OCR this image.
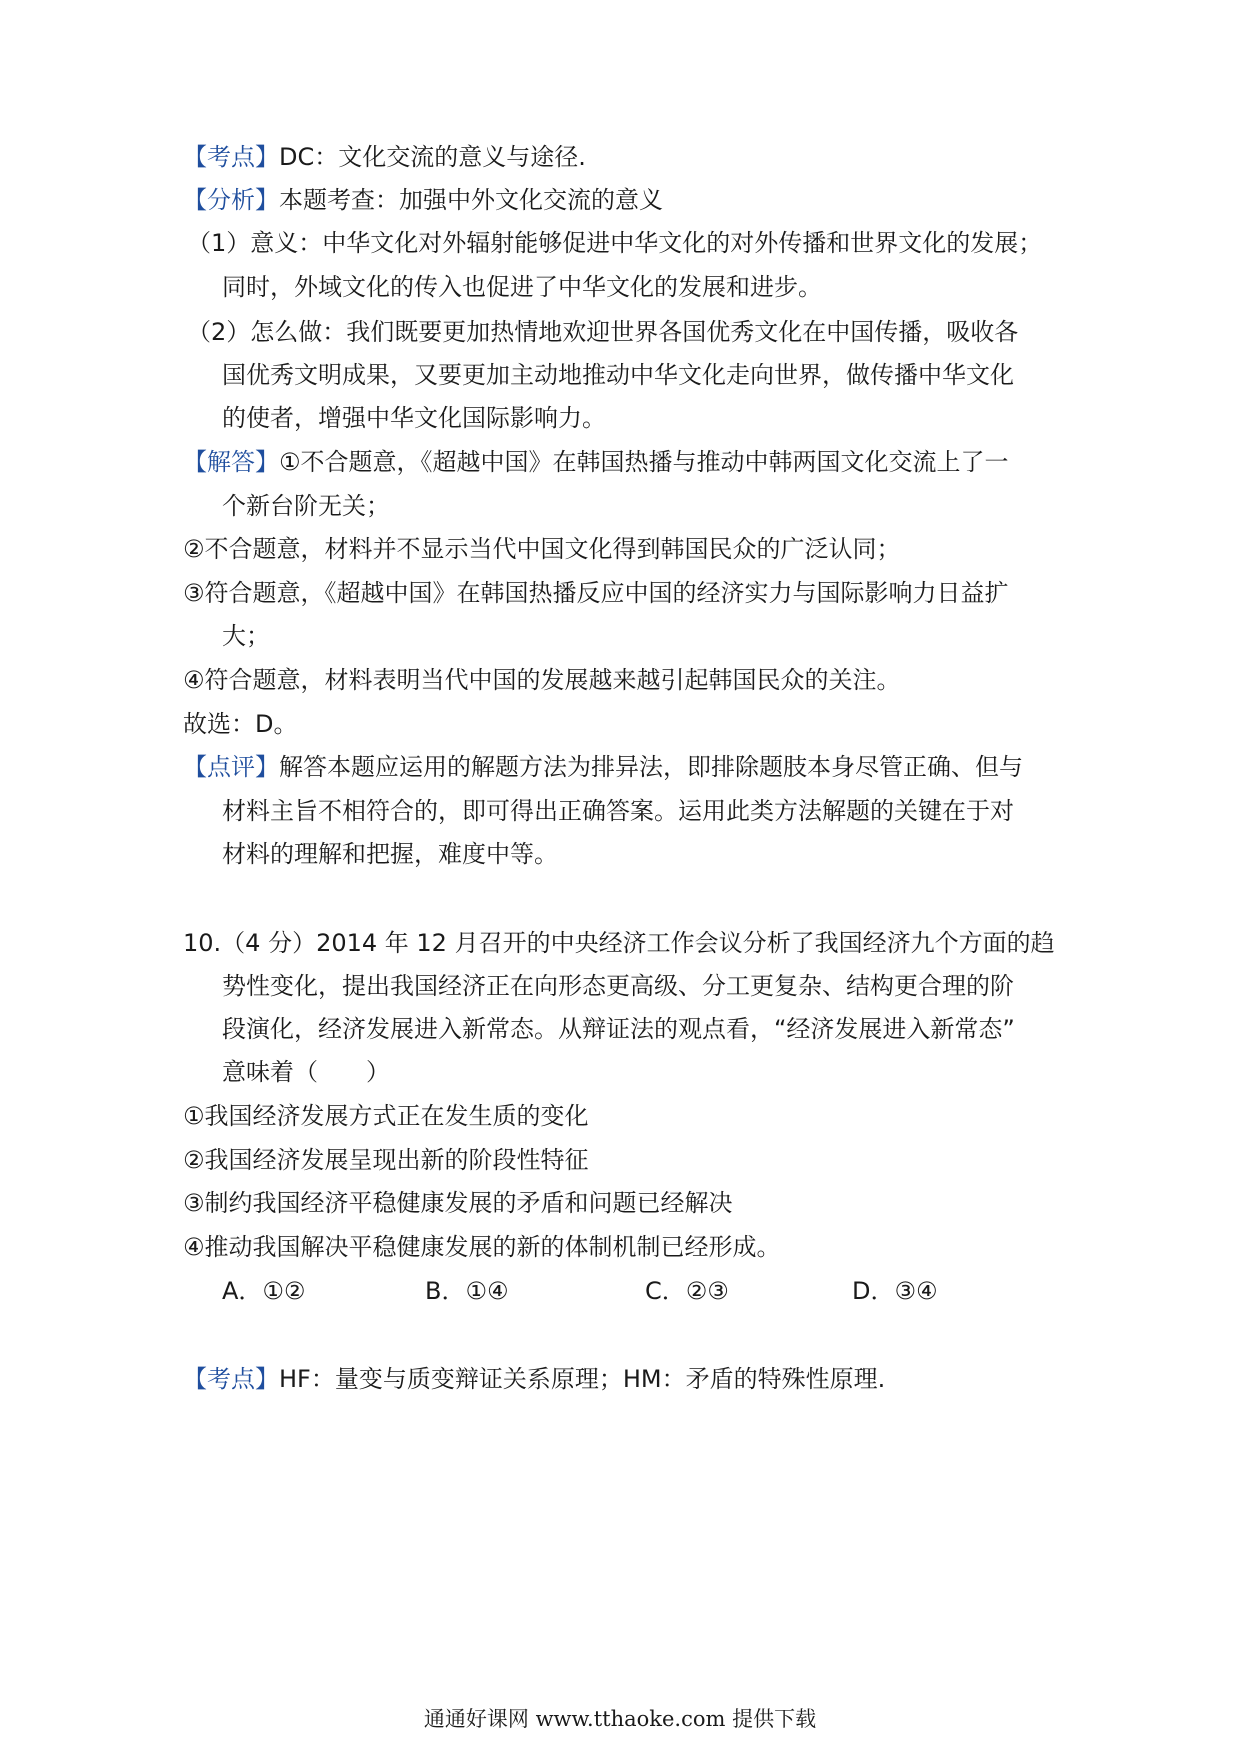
【考点】DC：文化交流的意义与途径.
【分析】本题考查：加强中外文化交流的意义
（1）意义：中华文化对外辐射能够促进中华文化的对外传播和世界文化的发展；
同时，外域文化的传入也促进了中华文化的发展和进步。
（2）怎么做：我们既要更加热情地欢迎世界各国优秀文化在中国传播，吸收各
国优秀文明成果，又要更加主动地推动中华文化走向世界，做传播中华文化
的使者，增强中华文化国际影响力。
【解答】①不合题意，《超越中国》在韩国热播与推动中韩两国文化交流上了一
个新台阶无关；
②不合题意，材料并不显示当代中国文化得到韩国民众的广泛认同；
③符合题意，《超越中国》在韩国热播反应中国的经济实力与国际影响力日益扩
大；
④符合题意，材料表明当代中国的发展越来越引起韩国民众的关注。
故选：D。
【点评】解答本题应运用的解题方法为排异法，即排除题肢本身尽管正确、但与
材料主旨不相符合的，即可得出正确答案。运用此类方法解题的关键在于对
材料的理解和把握，难度中等。
10.（4 分）2014 年 12 月召开的中央经济工作会议分析了我国经济九个方面的趋
势性变化，提出我国经济正在向形态更高级、分工更复杂、结构更合理的阶
段演化，经济发展进入新常态。从辩证法的观点看，“经济发展进入新常态”
意味着（　　）
①我国经济发展方式正在发生质的变化
②我国经济发展呈现出新的阶段性特征
③制约我国经济平稳健康发展的矛盾和问题已经解决
④推动我国解决平稳健康发展的新的体制机制已经形成。
A．①②	B．①④	C．②③	D．③④
【考点】HF：量变与质变辩证关系原理；HM：矛盾的特殊性原理.
通通好课网 www.tthaoke.com 提供下载
